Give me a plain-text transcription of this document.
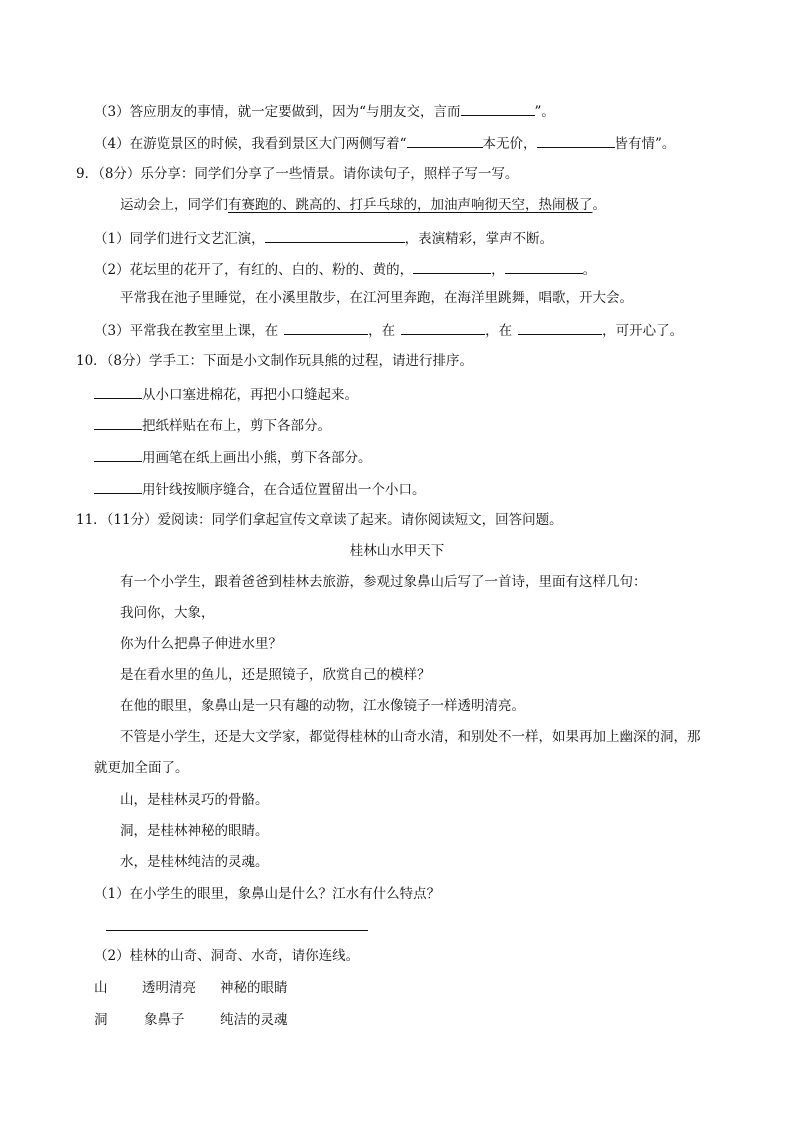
（3）答应朋友的事情，就一定要做到，因为“与朋友交，言而	”。
（4）在游览景区的时候，我看到景区大门两侧写着“	本无价，	皆有情”。
9．（8分）乐分享：同学们分享了一些情景。请你读句子，照样子写一写。
运动会上，同学们有赛跑的、跳高的、打乒乓球的，加油声响彻天空，热闹极了。
（1）同学们进行文艺汇演，	，表演精彩，掌声不断。
（2）花坛里的花开了，有红的、白的、粉的、黄的，	，	。
平常我在池子里睡觉，在小溪里散步，在江河里奔跑，在海洋里跳舞，唱歌，开大会。
（3）平常我在教室里上课，在	，在	，在	，可开心了。
10．（8分）学手工：下面是小文制作玩具熊的过程，请进行排序。
从小口塞进棉花，再把小口缝起来。
把纸样贴在布上，剪下各部分。
用画笔在纸上画出小熊，剪下各部分。
用针线按顺序缝合，在合适位置留出一个小口。
11．（11分）爱阅读：同学们拿起宣传文章读了起来。请你阅读短文，回答问题。
桂林山水甲天下
有一个小学生，跟着爸爸到桂林去旅游，参观过象鼻山后写了一首诗，里面有这样几句：
我问你，大象，
你为什么把鼻子伸进水里？
是在看水里的鱼儿，还是照镜子，欣赏自己的模样？
在他的眼里，象鼻山是一只有趣的动物，江水像镜子一样透明清亮。
不管是小学生，还是大文学家，都觉得桂林的山奇水清，和别处不一样，如果再加上幽深的洞，那
就更加全面了。
山，是桂林灵巧的骨骼。
洞，是桂林神秘的眼睛。
水，是桂林纯洁的灵魂。
（1）在小学生的眼里，象鼻山是什么？江水有什么特点？
（2）桂林的山奇、洞奇、水奇，请你连线。
山	透明清亮 神秘的眼睛
洞	象鼻子	纯洁的灵魂
